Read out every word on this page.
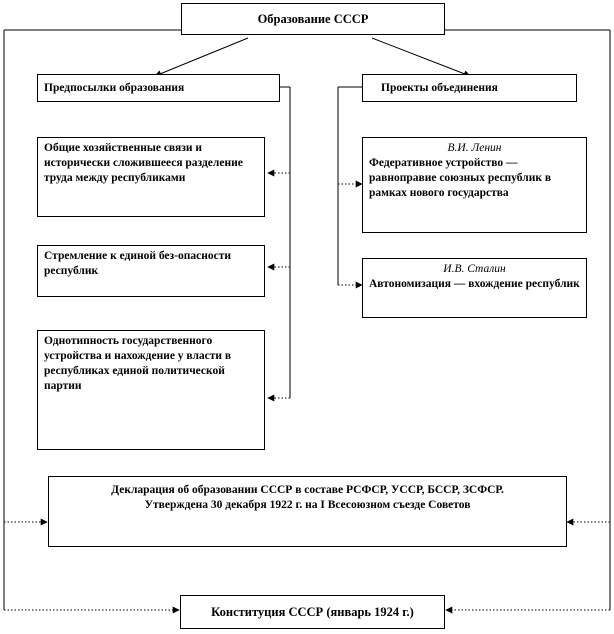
Образование СССР
Предпосылки образования
Общие хозяйственные связи и исторически сложившееся разделение труда между республиками
Стремление к единой без-опасности республик
Однотипность государственного устройства и нахождение у власти в республиках единой политической партии
Проекты объединения
В.И. Ленин
Федеративное устройство — равноправие союзных республик в рамках нового государства
И.В. Сталин
Автономизация — вхождение республик
Декларация об образовании СССР в составе РСФСР, УССР, БССР, ЗСФСР. Утверждена 30 декабря 1922 г. на I Всесоюзном съезде Советов
Конституция СССР (январь 1924 г.)
